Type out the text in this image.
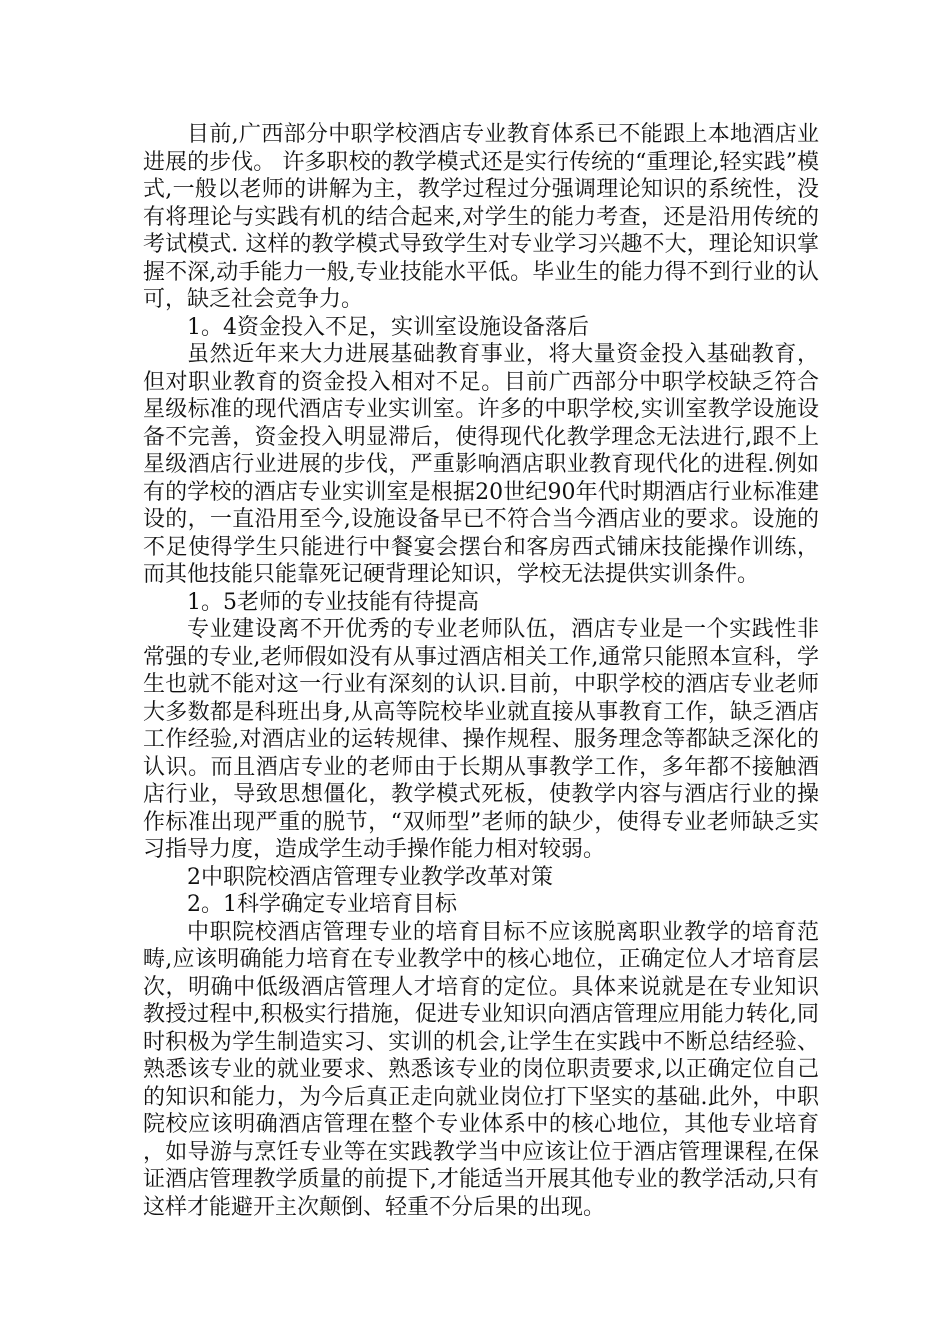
目前,广西部分中职学校酒店专业教育体系已不能跟上本地酒店业进展的步伐。 许多职校的教学模式还是实行传统的“重理论,轻实践”模式,一般以老师的讲解为主，教学过程过分强调理论知识的系统性，没有将理论与实践有机的结合起来,对学生的能力考查，还是沿用传统的考试模式. 这样的教学模式导致学生对专业学习兴趣不大，理论知识掌握不深,动手能力一般,专业技能水平低。毕业生的能力得不到行业的认可，缺乏社会竞争力。

1。4资金投入不足，实训室设施设备落后

虽然近年来大力进展基础教育事业，将大量资金投入基础教育，但对职业教育的资金投入相对不足。目前广西部分中职学校缺乏符合星级标准的现代酒店专业实训室。许多的中职学校,实训室教学设施设备不完善，资金投入明显滞后，使得现代化教学理念无法进行,跟不上星级酒店行业进展的步伐，严重影响酒店职业教育现代化的进程.例如有的学校的酒店专业实训室是根据20世纪90年代时期酒店行业标准建设的，一直沿用至今,设施设备早已不符合当今酒店业的要求。设施的不足使得学生只能进行中餐宴会摆台和客房西式铺床技能操作训练，而其他技能只能靠死记硬背理论知识，学校无法提供实训条件。

1。5老师的专业技能有待提高

专业建设离不开优秀的专业老师队伍，酒店专业是一个实践性非常强的专业,老师假如没有从事过酒店相关工作,通常只能照本宣科，学生也就不能对这一行业有深刻的认识.目前，中职学校的酒店专业老师大多数都是科班出身,从高等院校毕业就直接从事教育工作，缺乏酒店工作经验,对酒店业的运转规律、操作规程、服务理念等都缺乏深化的认识。而且酒店专业的老师由于长期从事教学工作，多年都不接触酒店行业，导致思想僵化，教学模式死板，使教学内容与酒店行业的操作标准出现严重的脱节，“双师型”老师的缺少，使得专业老师缺乏实习指导力度，造成学生动手操作能力相对较弱。

2中职院校酒店管理专业教学改革对策

2。1科学确定专业培育目标

中职院校酒店管理专业的培育目标不应该脱离职业教学的培育范畴,应该明确能力培育在专业教学中的核心地位，正确定位人才培育层次，明确中低级酒店管理人才培育的定位。具体来说就是在专业知识教授过程中,积极实行措施，促进专业知识向酒店管理应用能力转化,同时积极为学生制造实习、实训的机会,让学生在实践中不断总结经验、熟悉该专业的就业要求、熟悉该专业的岗位职责要求,以正确定位自己的知识和能力，为今后真正走向就业岗位打下坚实的基础.此外，中职院校应该明确酒店管理在整个专业体系中的核心地位，其他专业培育，如导游与烹饪专业等在实践教学当中应该让位于酒店管理课程,在保证酒店管理教学质量的前提下,才能适当开展其他专业的教学活动,只有这样才能避开主次颠倒、轻重不分后果的出现。
